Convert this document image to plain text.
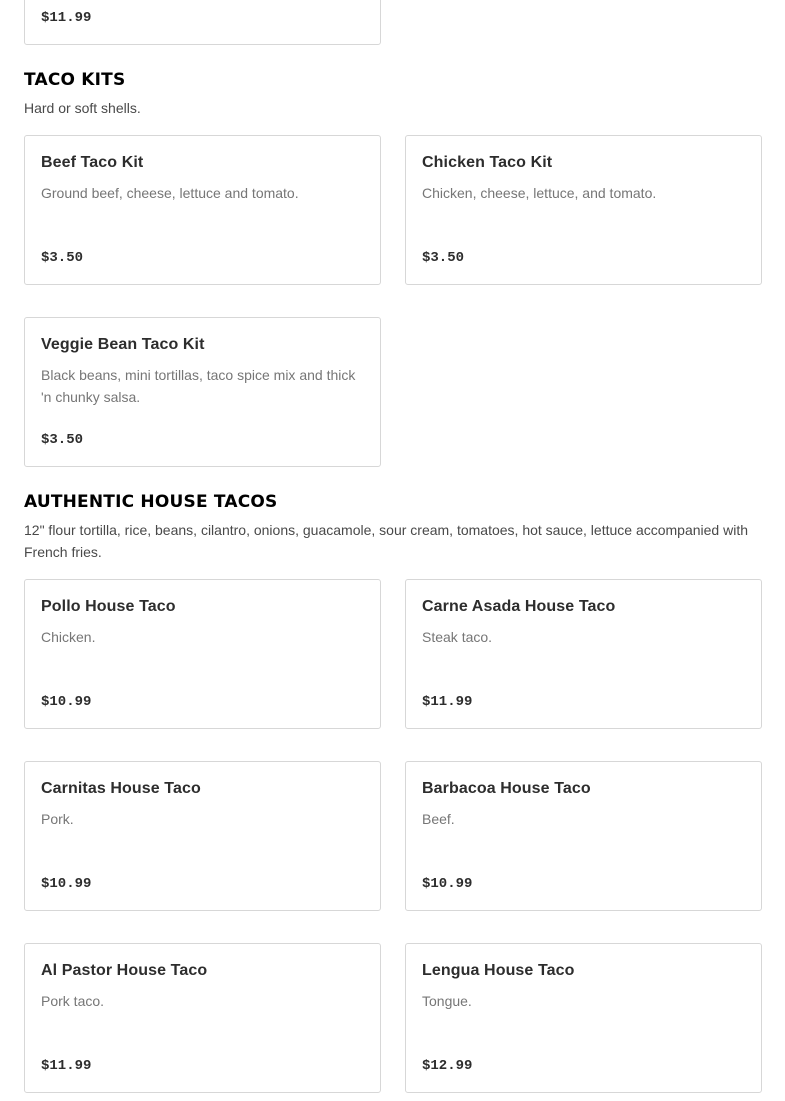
$11.99
TACO KITS
Hard or soft shells.
Beef Taco Kit
Ground beef, cheese, lettuce and tomato.
$3.50
Chicken Taco Kit
Chicken, cheese, lettuce, and tomato.
$3.50
Veggie Bean Taco Kit
Black beans, mini tortillas, taco spice mix and thick 'n chunky salsa.
$3.50
AUTHENTIC HOUSE TACOS
12" flour tortilla, rice, beans, cilantro, onions, guacamole, sour cream, tomatoes, hot sauce, lettuce accompanied with French fries.
Pollo House Taco
Chicken.
$10.99
Carne Asada House Taco
Steak taco.
$11.99
Carnitas House Taco
Pork.
$10.99
Barbacoa House Taco
Beef.
$10.99
Al Pastor House Taco
Pork taco.
$11.99
Lengua House Taco
Tongue.
$12.99
